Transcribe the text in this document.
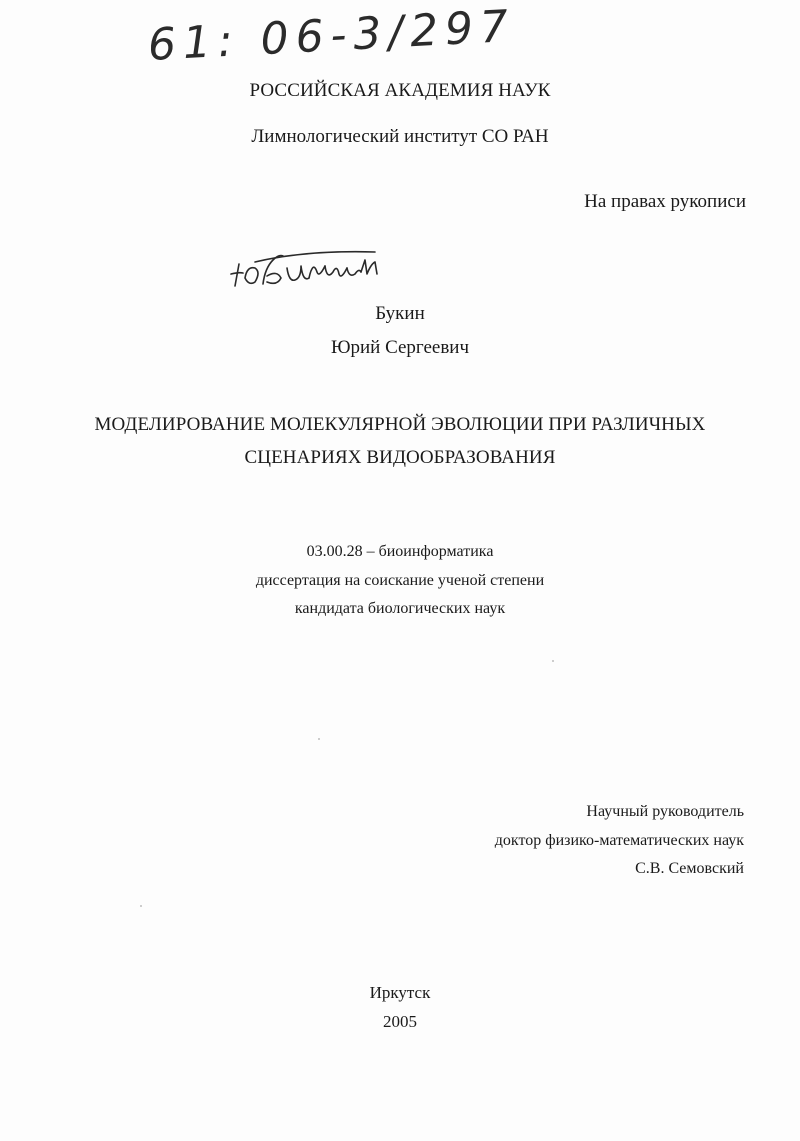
61: 06-3/297
РОССИЙСКАЯ АКАДЕМИЯ НАУК
Лимнологический институт СО РАН
На правах рукописи
Букин
Юрий Сергеевич
МОДЕЛИРОВАНИЕ МОЛЕКУЛЯРНОЙ ЭВОЛЮЦИИ ПРИ РАЗЛИЧНЫХ
СЦЕНАРИЯХ ВИДООБРАЗОВАНИЯ
03.00.28 – биоинформатика
диссертация на соискание ученой степени
кандидата биологических наук
Научный руководитель
доктор физико-математических наук
С.В. Семовский
Иркутск
2005
